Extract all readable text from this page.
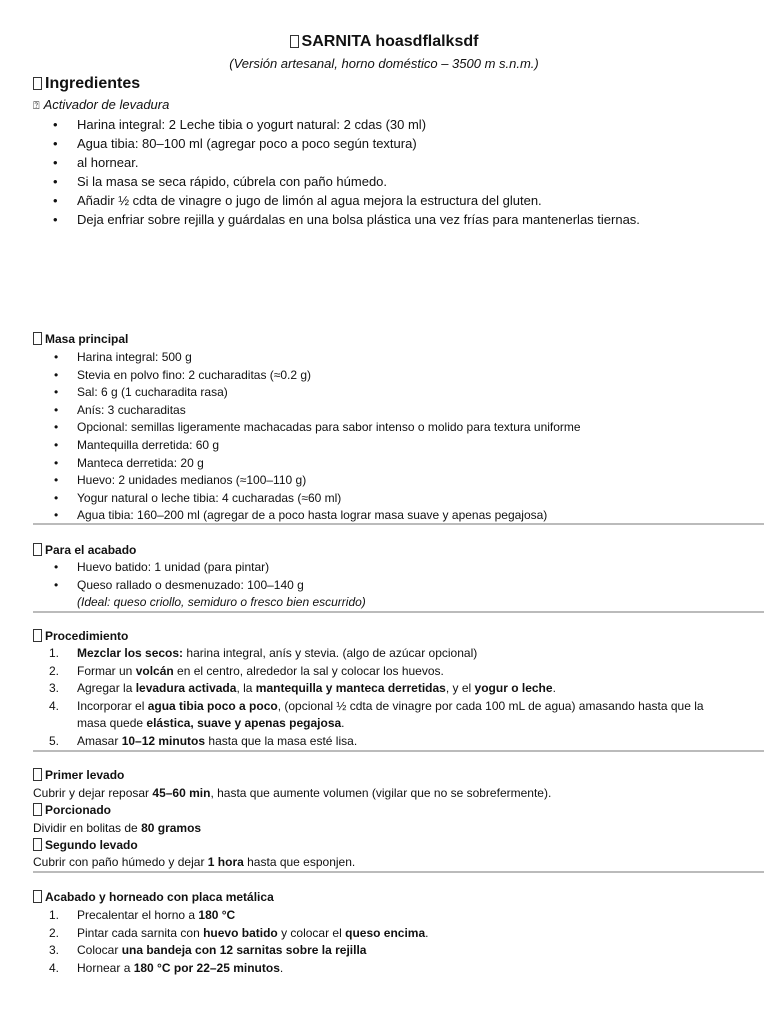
SARNITA hoasdflalksdf
(Versión artesanal, horno doméstico – 3500 m s.n.m.)
Ingredientes
⍰ Activador de levadura
• Harina integral: 2 Leche tibia o yogurt natural: 2 cdas (30 ml)
• Agua tibia: 80–100 ml (agregar poco a poco según textura)
• al hornear.
• Si la masa se seca rápido, cúbrela con paño húmedo.
• Añadir ½ cdta de vinagre o jugo de limón al agua mejora la estructura del gluten.
• Deja enfriar sobre rejilla y guárdalas en una bolsa plástica una vez frías para mantenerlas tiernas.
Masa principal
• Harina integral: 500 g
• Stevia en polvo fino: 2 cucharaditas (≈0.2 g)
• Sal: 6 g (1 cucharadita rasa)
• Anís: 3 cucharaditas
• Opcional: semillas ligeramente machacadas para sabor intenso o molido para textura uniforme
• Mantequilla derretida: 60 g
• Manteca derretida: 20 g
• Huevo: 2 unidades medianos (≈100–110 g)
• Yogur natural o leche tibia: 4 cucharadas (≈60 ml)
• Agua tibia: 160–200 ml (agregar de a poco hasta lograr masa suave y apenas pegajosa)
Para el acabado
• Huevo batido: 1 unidad (para pintar)
• Queso rallado o desmenuzado: 100–140 g
(Ideal: queso criollo, semiduro o fresco bien escurrido)
Procedimiento
1. Mezclar los secos: harina integral, anís y stevia. (algo de azúcar opcional)
2. Formar un volcán en el centro, alrededor la sal y colocar los huevos.
3. Agregar la levadura activada, la mantequilla y manteca derretidas, y el yogur o leche.
4. Incorporar el agua tibia poco a poco, (opcional ½ cdta de vinagre por cada 100 mL de agua) amasando hasta que la
masa quede elástica, suave y apenas pegajosa.
5. Amasar 10–12 minutos hasta que la masa esté lisa.
Primer levado
Cubrir y dejar reposar 45–60 min, hasta que aumente volumen (vigilar que no se sobrefermente).
Porcionado
Dividir en bolitas de 80 gramos
Segundo levado
Cubrir con paño húmedo y dejar 1 hora hasta que esponjen.
Acabado y horneado con placa metálica
1. Precalentar el horno a 180 °C
2. Pintar cada sarnita con huevo batido y colocar el queso encima.
3. Colocar una bandeja con 12 sarnitas sobre la rejilla
4. Hornear a 180 °C por 22–25 minutos.
